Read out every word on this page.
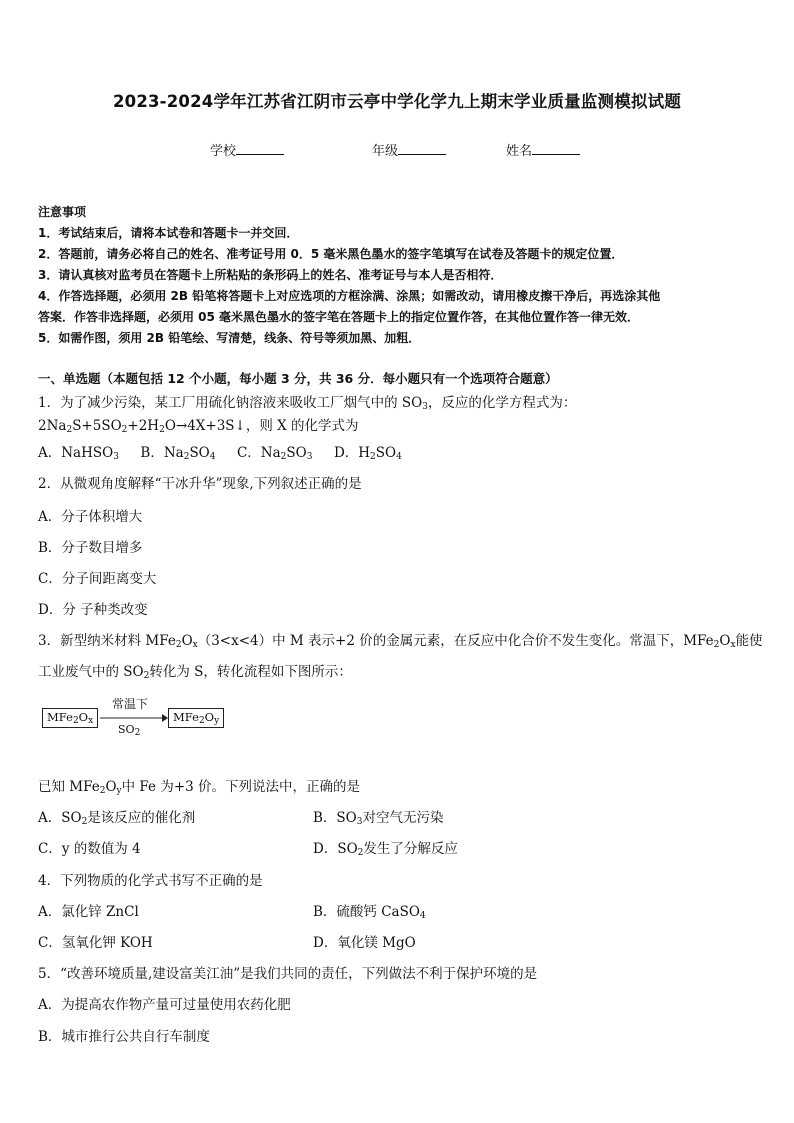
2023-2024学年江苏省江阴市云亭中学化学九上期末学业质量监测模拟试题
学校	年级	姓名
注意事项
1．考试结束后，请将本试卷和答题卡一并交回．
2．答题前，请务必将自己的姓名、准考证号用 0．5 毫米黑色墨水的签字笔填写在试卷及答题卡的规定位置．
3．请认真核对监考员在答题卡上所粘贴的条形码上的姓名、准考证号与本人是否相符．
4．作答选择题，必须用 2B 铅笔将答题卡上对应选项的方框涂满、涂黑；如需改动，请用橡皮擦干净后，再选涂其他
答案．作答非选择题，必须用 05 毫米黑色墨水的签字笔在答题卡上的指定位置作答，在其他位置作答一律无效．
5．如需作图，须用 2B 铅笔绘、写清楚，线条、符号等须加黑、加粗．
一、单选题（本题包括 12 个小题，每小题 3 分，共 36 分．每小题只有一个选项符合题意）
1．为了减少污染，某工厂用硫化钠溶液来吸收工厂烟气中的 $SO_3$，反应的化学方程式为：
$2Na_2S+5SO_2+2H_2O\to 4X+3S↓$，则 X 的化学式为
A．NaHSO$_3$ B．$Na_2SO_4$ C．$Na_2SO_3$ D．$H_2SO_4$
2．从微观角度解释“干冰升华”现象,下列叙述正确的是
A．分子体积增大
B．分子数目增多
C．分子间距离变大
D．分 子种类改变
3．新型纳米材料 $MFe_2O_x(3<x<4)$中 M 表示+2 价的金属元素，在反应中化合价不发生变化。常温下，$MFe_2O_x$能使
工业废气中的 $SO_2$转化为 S，转化流程如下图所示：
$MFe_2O_x$
常温下
$SO_2$
$MFe_2O_y$
已知 $MFe_2O_y$中 Fe 为+3 价。下列说法中，正确的是
A．$SO_2$是该反应的催化剂	B．$SO_3$对空气无污染
C．y 的数值为 4	D．$SO_2$发生了分解反应
4．下列物质的化学式书写不正确的是
A．氯化锌 ZnCl	B．硫酸钙 CaSO$_4$
C．氢氧化钾 KOH	D．氧化镁 MgO
5．“改善环境质量,建设富美江油”是我们共同的责任，下列做法不利于保护环境的是
A．为提高农作物产量可过量使用农药化肥
B．城市推行公共自行车制度
